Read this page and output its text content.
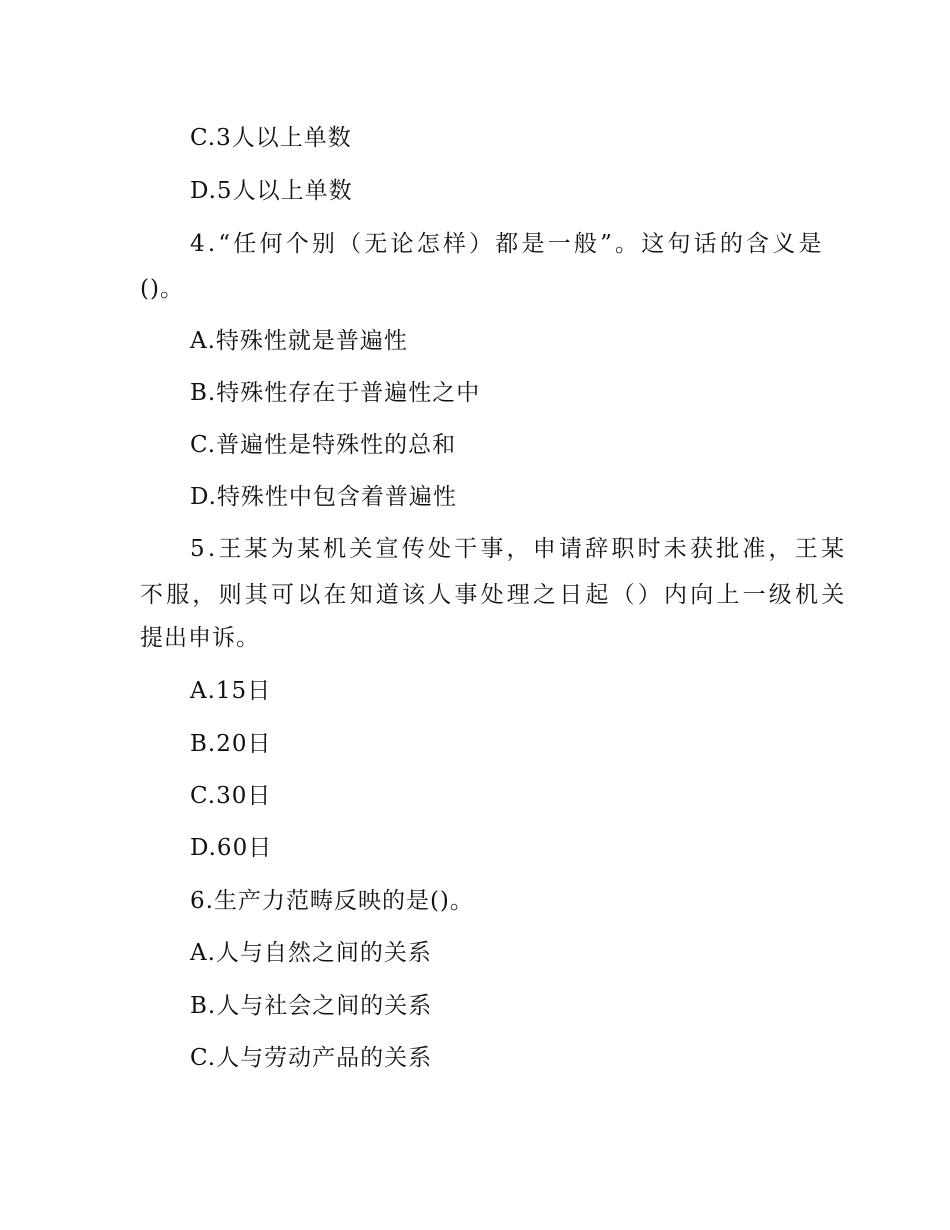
C.3人以上单数
D.5人以上单数
4.“任何个别（无论怎样）都是一般”。这句话的含义是
()。
A.特殊性就是普遍性
B.特殊性存在于普遍性之中
C.普遍性是特殊性的总和
D.特殊性中包含着普遍性
5.王某为某机关宣传处干事，申请辞职时未获批准，王某
不服，则其可以在知道该人事处理之日起（）内向上一级机关
提出申诉。
A.15日
B.20日
C.30日
D.60日
6.生产力范畴反映的是()。
A.人与自然之间的关系
B.人与社会之间的关系
C.人与劳动产品的关系
